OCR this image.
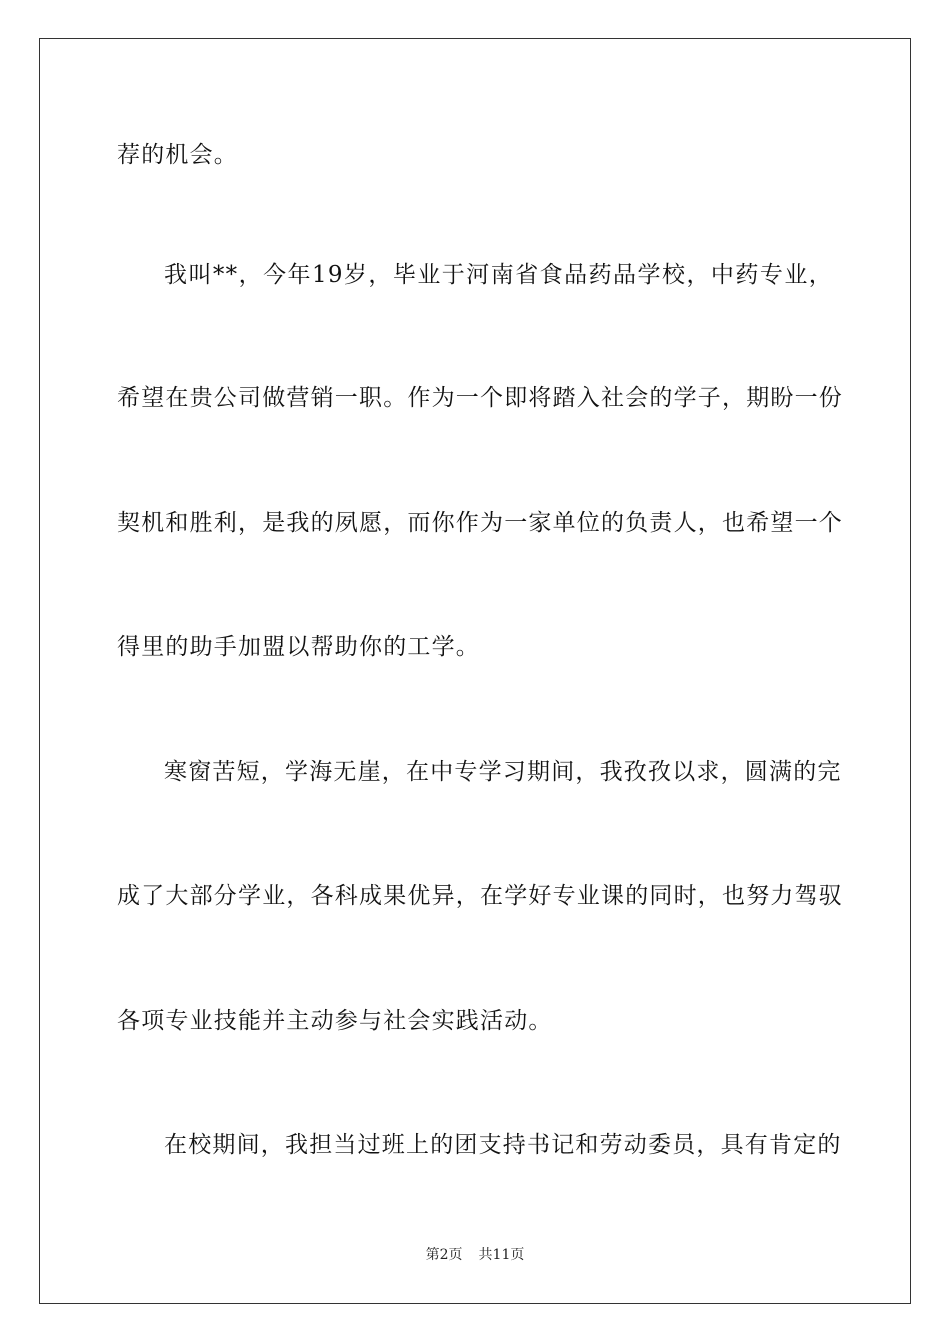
荐的机会。

我叫**，今年19岁，毕业于河南省食品药品学校，中药专业，

希望在贵公司做营销一职。作为一个即将踏入社会的学子，期盼一份

契机和胜利，是我的夙愿，而你作为一家单位的负责人，也希望一个

得里的助手加盟以帮助你的工学。

寒窗苦短，学海无崖，在中专学习期间，我孜孜以求，圆满的完

成了大部分学业，各科成果优异，在学好专业课的同时，也努力驾驭

各项专业技能并主动参与社会实践活动。

在校期间，我担当过班上的团支持书记和劳动委员，具有肯定的

第2页 共11页
